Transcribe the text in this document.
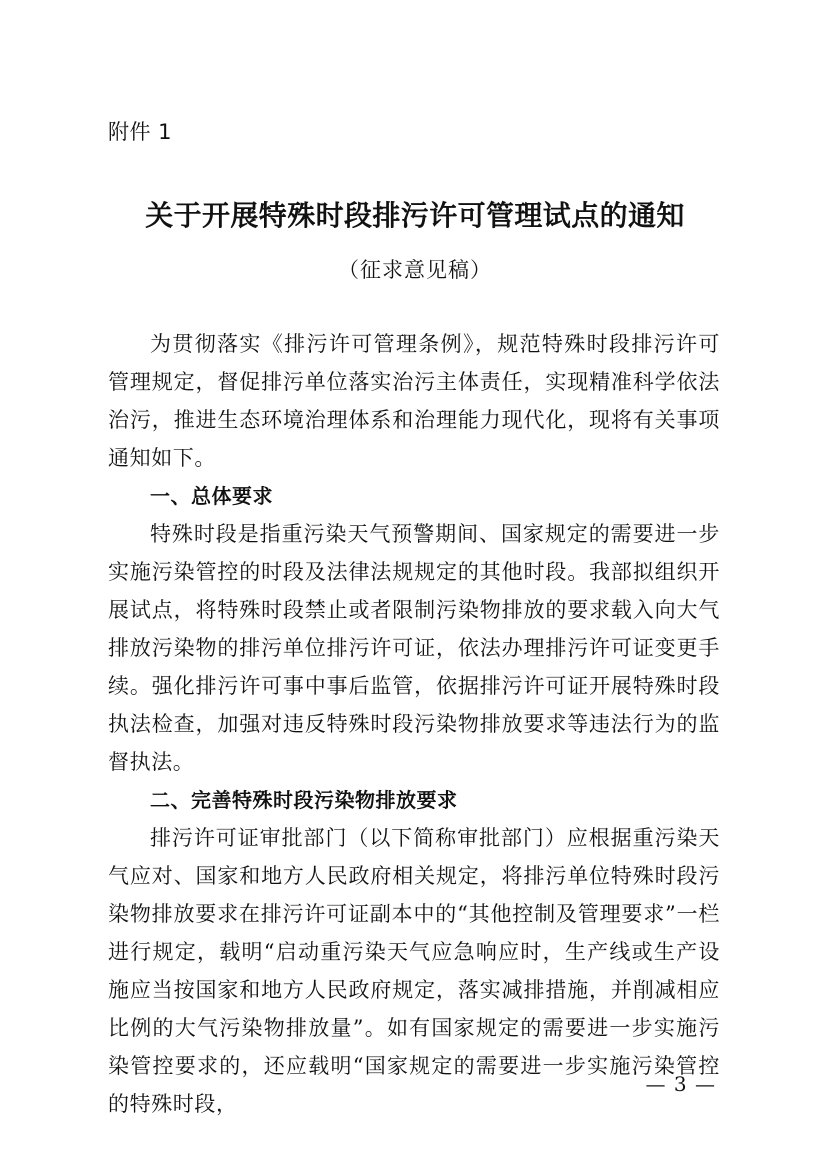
附件 1
关于开展特殊时段排污许可管理试点的通知
（征求意见稿）

为贯彻落实《排污许可管理条例》，规范特殊时段排污许可管理规定，督促排污单位落实治污主体责任，实现精准科学依法治污，推进生态环境治理体系和治理能力现代化，现将有关事项通知如下。

一、总体要求

特殊时段是指重污染天气预警期间、国家规定的需要进一步实施污染管控的时段及法律法规规定的其他时段。我部拟组织开展试点，将特殊时段禁止或者限制污染物排放的要求载入向大气排放污染物的排污单位排污许可证，依法办理排污许可证变更手续。强化排污许可事中事后监管，依据排污许可证开展特殊时段执法检查，加强对违反特殊时段污染物排放要求等违法行为的监督执法。

二、完善特殊时段污染物排放要求

排污许可证审批部门（以下简称审批部门）应根据重污染天气应对、国家和地方人民政府相关规定，将排污单位特殊时段污染物排放要求在排污许可证副本中的“其他控制及管理要求”一栏进行规定，载明“启动重污染天气应急响应时，生产线或生产设施应当按国家和地方人民政府规定，落实减排措施，并削减相应比例的大气污染物排放量”。如有国家规定的需要进一步实施污染管控要求的，还应载明“国家规定的需要进一步实施污染管控的特殊时段，

— 3 —
